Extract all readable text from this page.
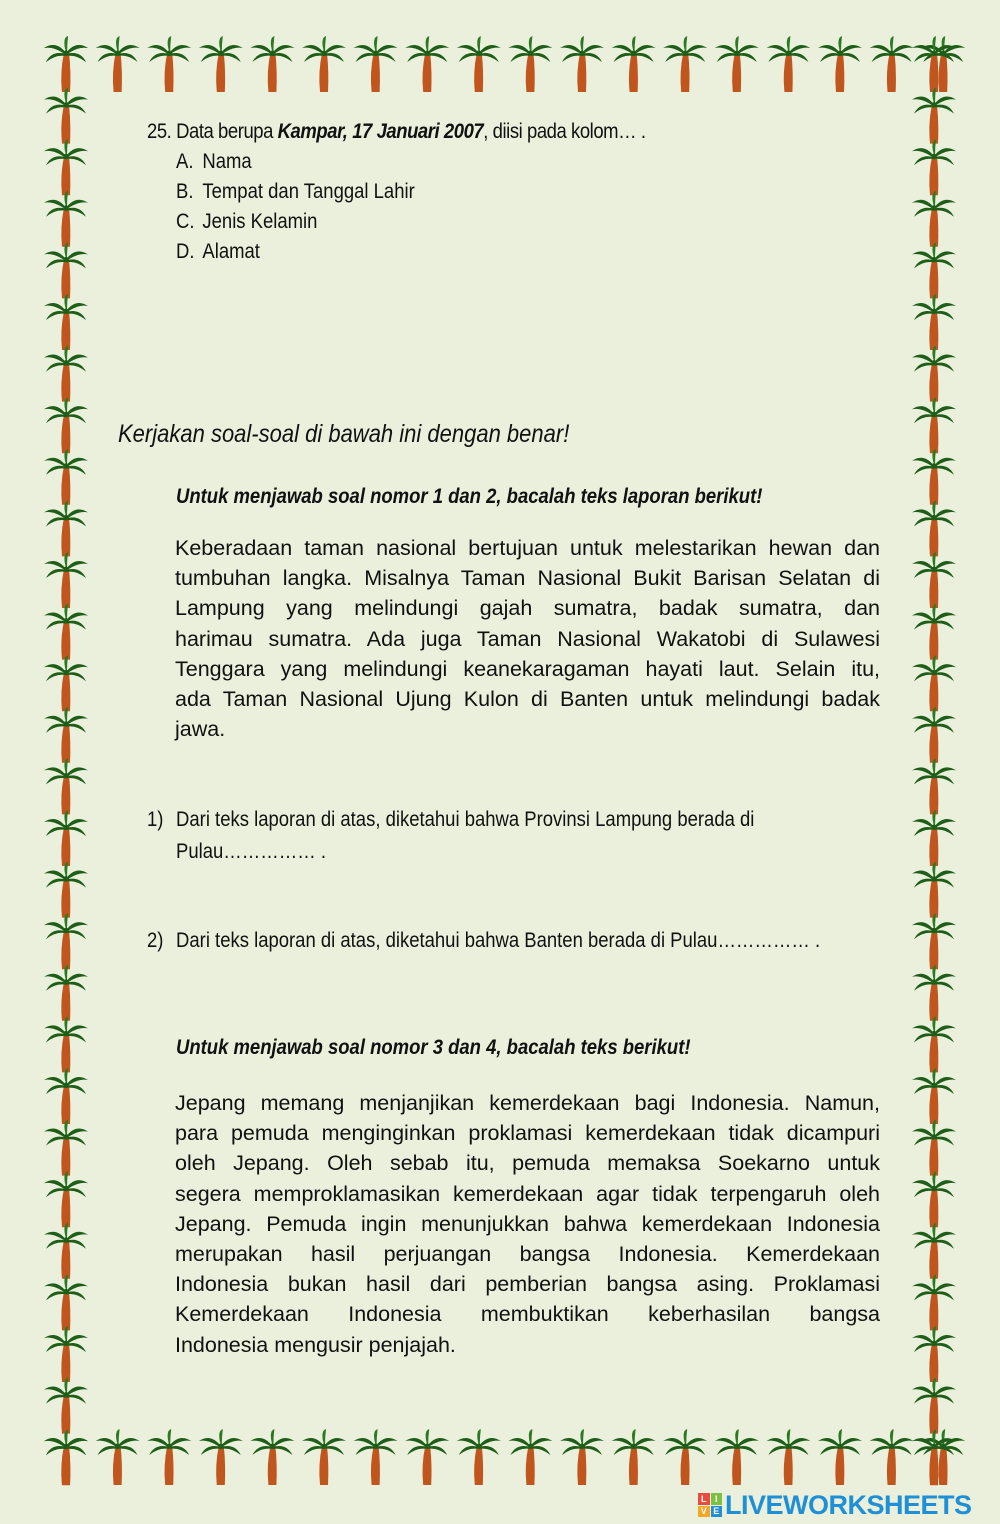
25. Data berupa Kampar, 17 Januari 2007, diisi pada kolom… .
A. Nama
B. Tempat dan Tanggal Lahir
C. Jenis Kelamin
D. Alamat
Kerjakan soal-soal di bawah ini dengan benar!
Untuk menjawab soal nomor 1 dan 2, bacalah teks laporan berikut!
Keberadaan taman nasional bertujuan untuk melestarikan hewan dan
tumbuhan langka. Misalnya Taman Nasional Bukit Barisan Selatan di
Lampung yang melindungi gajah sumatra, badak sumatra, dan
harimau sumatra. Ada juga Taman Nasional Wakatobi di Sulawesi
Tenggara yang melindungi keanekaragaman hayati laut. Selain itu,
ada Taman Nasional Ujung Kulon di Banten untuk melindungi badak
jawa.
1) Dari teks laporan di atas, diketahui bahwa Provinsi Lampung berada di
Pulau…………… .
2) Dari teks laporan di atas, diketahui bahwa Banten berada di Pulau…………… .
Untuk menjawab soal nomor 3 dan 4, bacalah teks berikut!
Jepang memang menjanjikan kemerdekaan bagi Indonesia. Namun,
para pemuda menginginkan proklamasi kemerdekaan tidak dicampuri
oleh Jepang. Oleh sebab itu, pemuda memaksa Soekarno untuk
segera memproklamasikan kemerdekaan agar tidak terpengaruh oleh
Jepang. Pemuda ingin menunjukkan bahwa kemerdekaan Indonesia
merupakan hasil perjuangan bangsa Indonesia. Kemerdekaan
Indonesia bukan hasil dari pemberian bangsa asing. Proklamasi
Kemerdekaan Indonesia membuktikan keberhasilan bangsa
Indonesia mengusir penjajah.
L I
V E LIVEWORKSHEETS
